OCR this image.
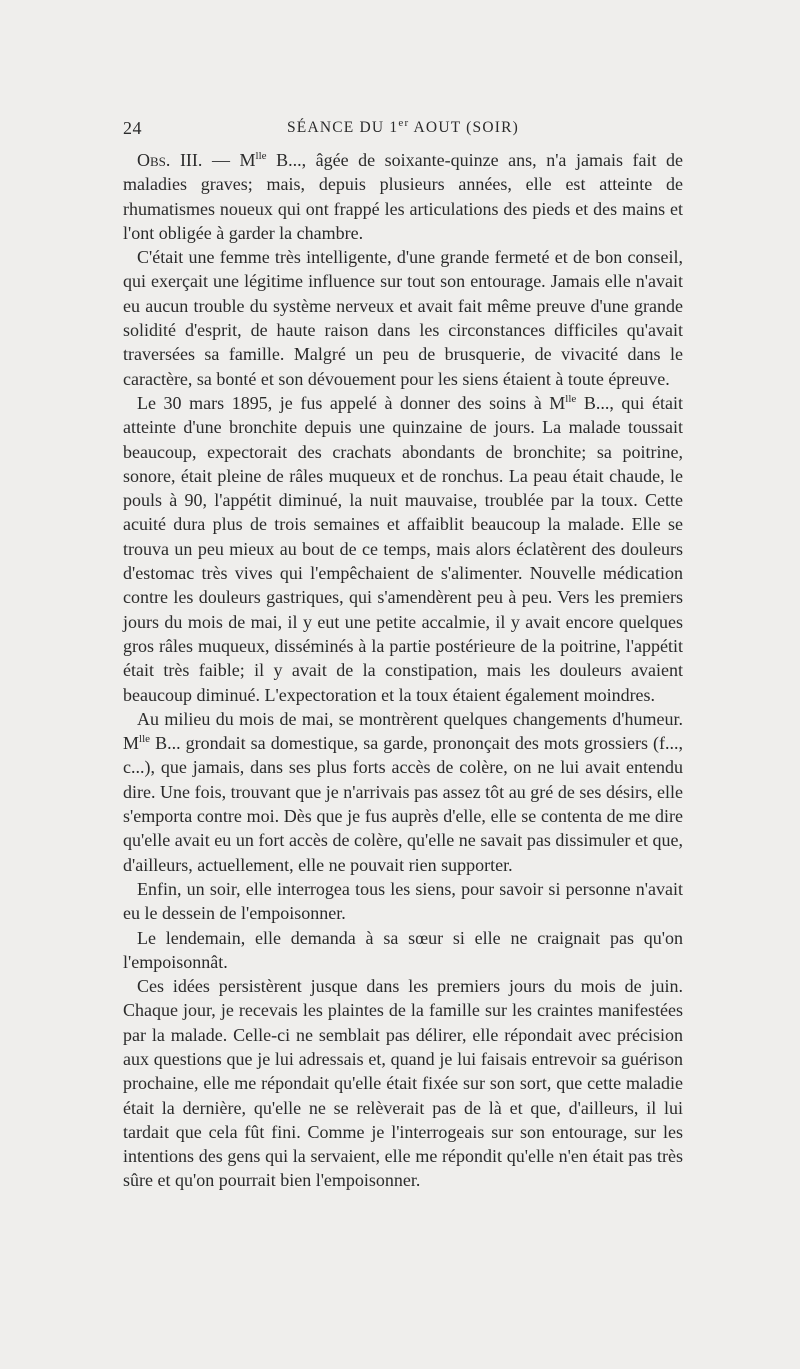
24	SÉANCE DU 1er AOUT (SOIR)

Obs. III. — $M^{lle}$ B..., âgée de soixante-quinze ans, n'a jamais fait de maladies graves; mais, depuis plusieurs années, elle est atteinte de rhumatismes noueux qui ont frappé les articulations des pieds et des mains et l'ont obligée à garder la chambre.

C'était une femme très intelligente, d'une grande fermeté et de bon conseil, qui exerçait une légitime influence sur tout son entourage. Jamais elle n'avait eu aucun trouble du système nerveux et avait fait même preuve d'une grande solidité d'esprit, de haute raison dans les circonstances difficiles qu'avait traversées sa famille. Malgré un peu de brusquerie, de vivacité dans le caractère, sa bonté et son dévouement pour les siens étaient à toute épreuve.

Le 30 mars 1895, je fus appelé à donner des soins à $M^{lle}$ B..., qui était atteinte d'une bronchite depuis une quinzaine de jours. La malade toussait beaucoup, expectorait des crachats abondants de bronchite; sa poitrine, sonore, était pleine de râles muqueux et de ronchus. La peau était chaude, le pouls à 90, l'appétit diminué, la nuit mauvaise, troublée par la toux. Cette acuité dura plus de trois semaines et affaiblit beaucoup la malade. Elle se trouva un peu mieux au bout de ce temps, mais alors éclatèrent des douleurs d'estomac très vives qui l'empêchaient de s'alimenter. Nouvelle médication contre les douleurs gastriques, qui s'amendèrent peu à peu. Vers les premiers jours du mois de mai, il y eut une petite accalmie, il y avait encore quelques gros râles muqueux, disséminés à la partie postérieure de la poitrine, l'appétit était très faible; il y avait de la constipation, mais les douleurs avaient beaucoup diminué. L'expectoration et la toux étaient également moindres.

Au milieu du mois de mai, se montrèrent quelques changements d'humeur. $M^{lle}$ B... grondait sa domestique, sa garde, prononçait des mots grossiers (f..., c...), que jamais, dans ses plus forts accès de colère, on ne lui avait entendu dire. Une fois, trouvant que je n'arrivais pas assez tôt au gré de ses désirs, elle s'emporta contre moi. Dès que je fus auprès d'elle, elle se contenta de me dire qu'elle avait eu un fort accès de colère, qu'elle ne savait pas dissimuler et que, d'ailleurs, actuellement, elle ne pouvait rien supporter.

Enfin, un soir, elle interrogea tous les siens, pour savoir si personne n'avait eu le dessein de l'empoisonner.

Le lendemain, elle demanda à sa sœur si elle ne craignait pas qu'on l'empoisonnât.

Ces idées persistèrent jusque dans les premiers jours du mois de juin. Chaque jour, je recevais les plaintes de la famille sur les craintes manifestées par la malade. Celle-ci ne semblait pas délirer, elle répondait avec précision aux questions que je lui adressais et, quand je lui faisais entrevoir sa guérison prochaine, elle me répondait qu'elle était fixée sur son sort, que cette maladie était la dernière, qu'elle ne se relèverait pas de là et que, d'ailleurs, il lui tardait que cela fût fini. Comme je l'interrogeais sur son entourage, sur les intentions des gens qui la servaient, elle me répondit qu'elle n'en était pas très sûre et qu'on pourrait bien l'empoisonner.
